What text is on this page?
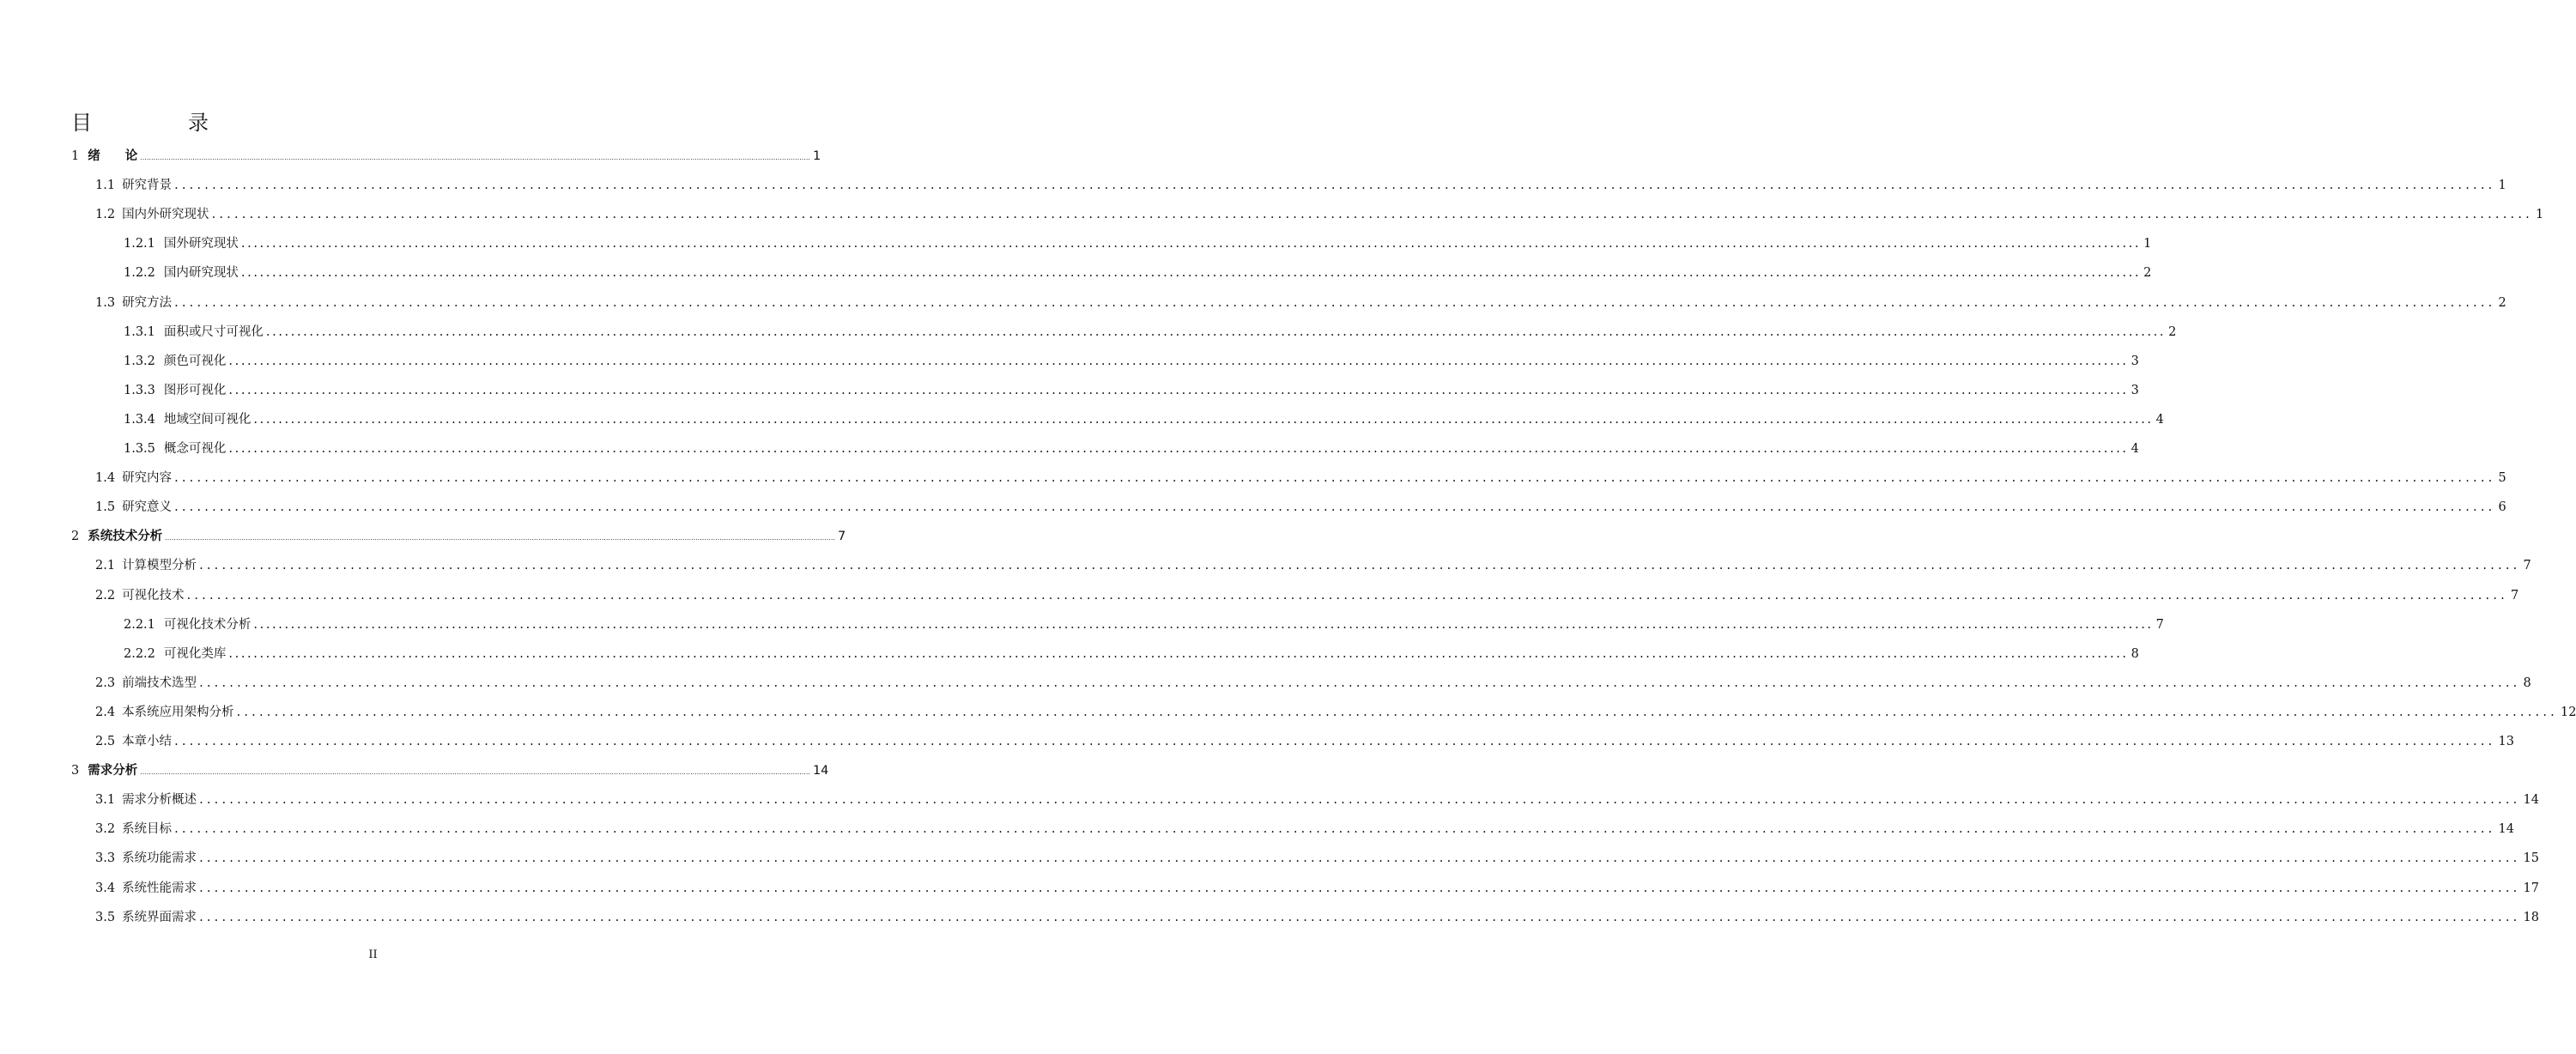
目　录
1 绪　　论 ................................................................................................................................................................................................................................................................................................................... 1
1.1 研究背景 ................................................................................................................................................................................................................................................................................................................... 1
1.2 国内外研究现状 ................................................................................................................................................................................................................................................................................................................... 1
1.2.1 国外研究现状 ................................................................................................................................................................................................................................................................................................................... 1
1.2.2 国内研究现状 ................................................................................................................................................................................................................................................................................................................... 2
1.3 研究方法 ................................................................................................................................................................................................................................................................................................................... 2
1.3.1 面积或尺寸可视化 ................................................................................................................................................................................................................................................................................................................... 2
1.3.2 颜色可视化 ................................................................................................................................................................................................................................................................................................................... 3
1.3.3 图形可视化 ................................................................................................................................................................................................................................................................................................................... 3
1.3.4 地域空间可视化 ................................................................................................................................................................................................................................................................................................................... 4
1.3.5 概念可视化 ................................................................................................................................................................................................................................................................................................................... 4
1.4 研究内容 ................................................................................................................................................................................................................................................................................................................... 5
1.5 研究意义 ................................................................................................................................................................................................................................................................................................................... 6
2 系统技术分析 ................................................................................................................................................................................................................................................................................................................... 7
2.1 计算模型分析 ................................................................................................................................................................................................................................................................................................................... 7
2.2 可视化技术 ................................................................................................................................................................................................................................................................................................................... 7
2.2.1 可视化技术分析 ................................................................................................................................................................................................................................................................................................................... 7
2.2.2 可视化类库 ................................................................................................................................................................................................................................................................................................................... 8
2.3 前端技术选型 ................................................................................................................................................................................................................................................................................................................... 8
2.4 本系统应用架构分析 ................................................................................................................................................................................................................................................................................................................... 12
2.5 本章小结 ................................................................................................................................................................................................................................................................................................................... 13
3 需求分析 ................................................................................................................................................................................................................................................................................................................... 14
3.1 需求分析概述 ................................................................................................................................................................................................................................................................................................................... 14
3.2 系统目标 ................................................................................................................................................................................................................................................................................................................... 14
3.3 系统功能需求 ................................................................................................................................................................................................................................................................................................................... 15
3.4 系统性能需求 ................................................................................................................................................................................................................................................................................................................... 17
3.5 系统界面需求 ................................................................................................................................................................................................................................................................................................................... 18
II
